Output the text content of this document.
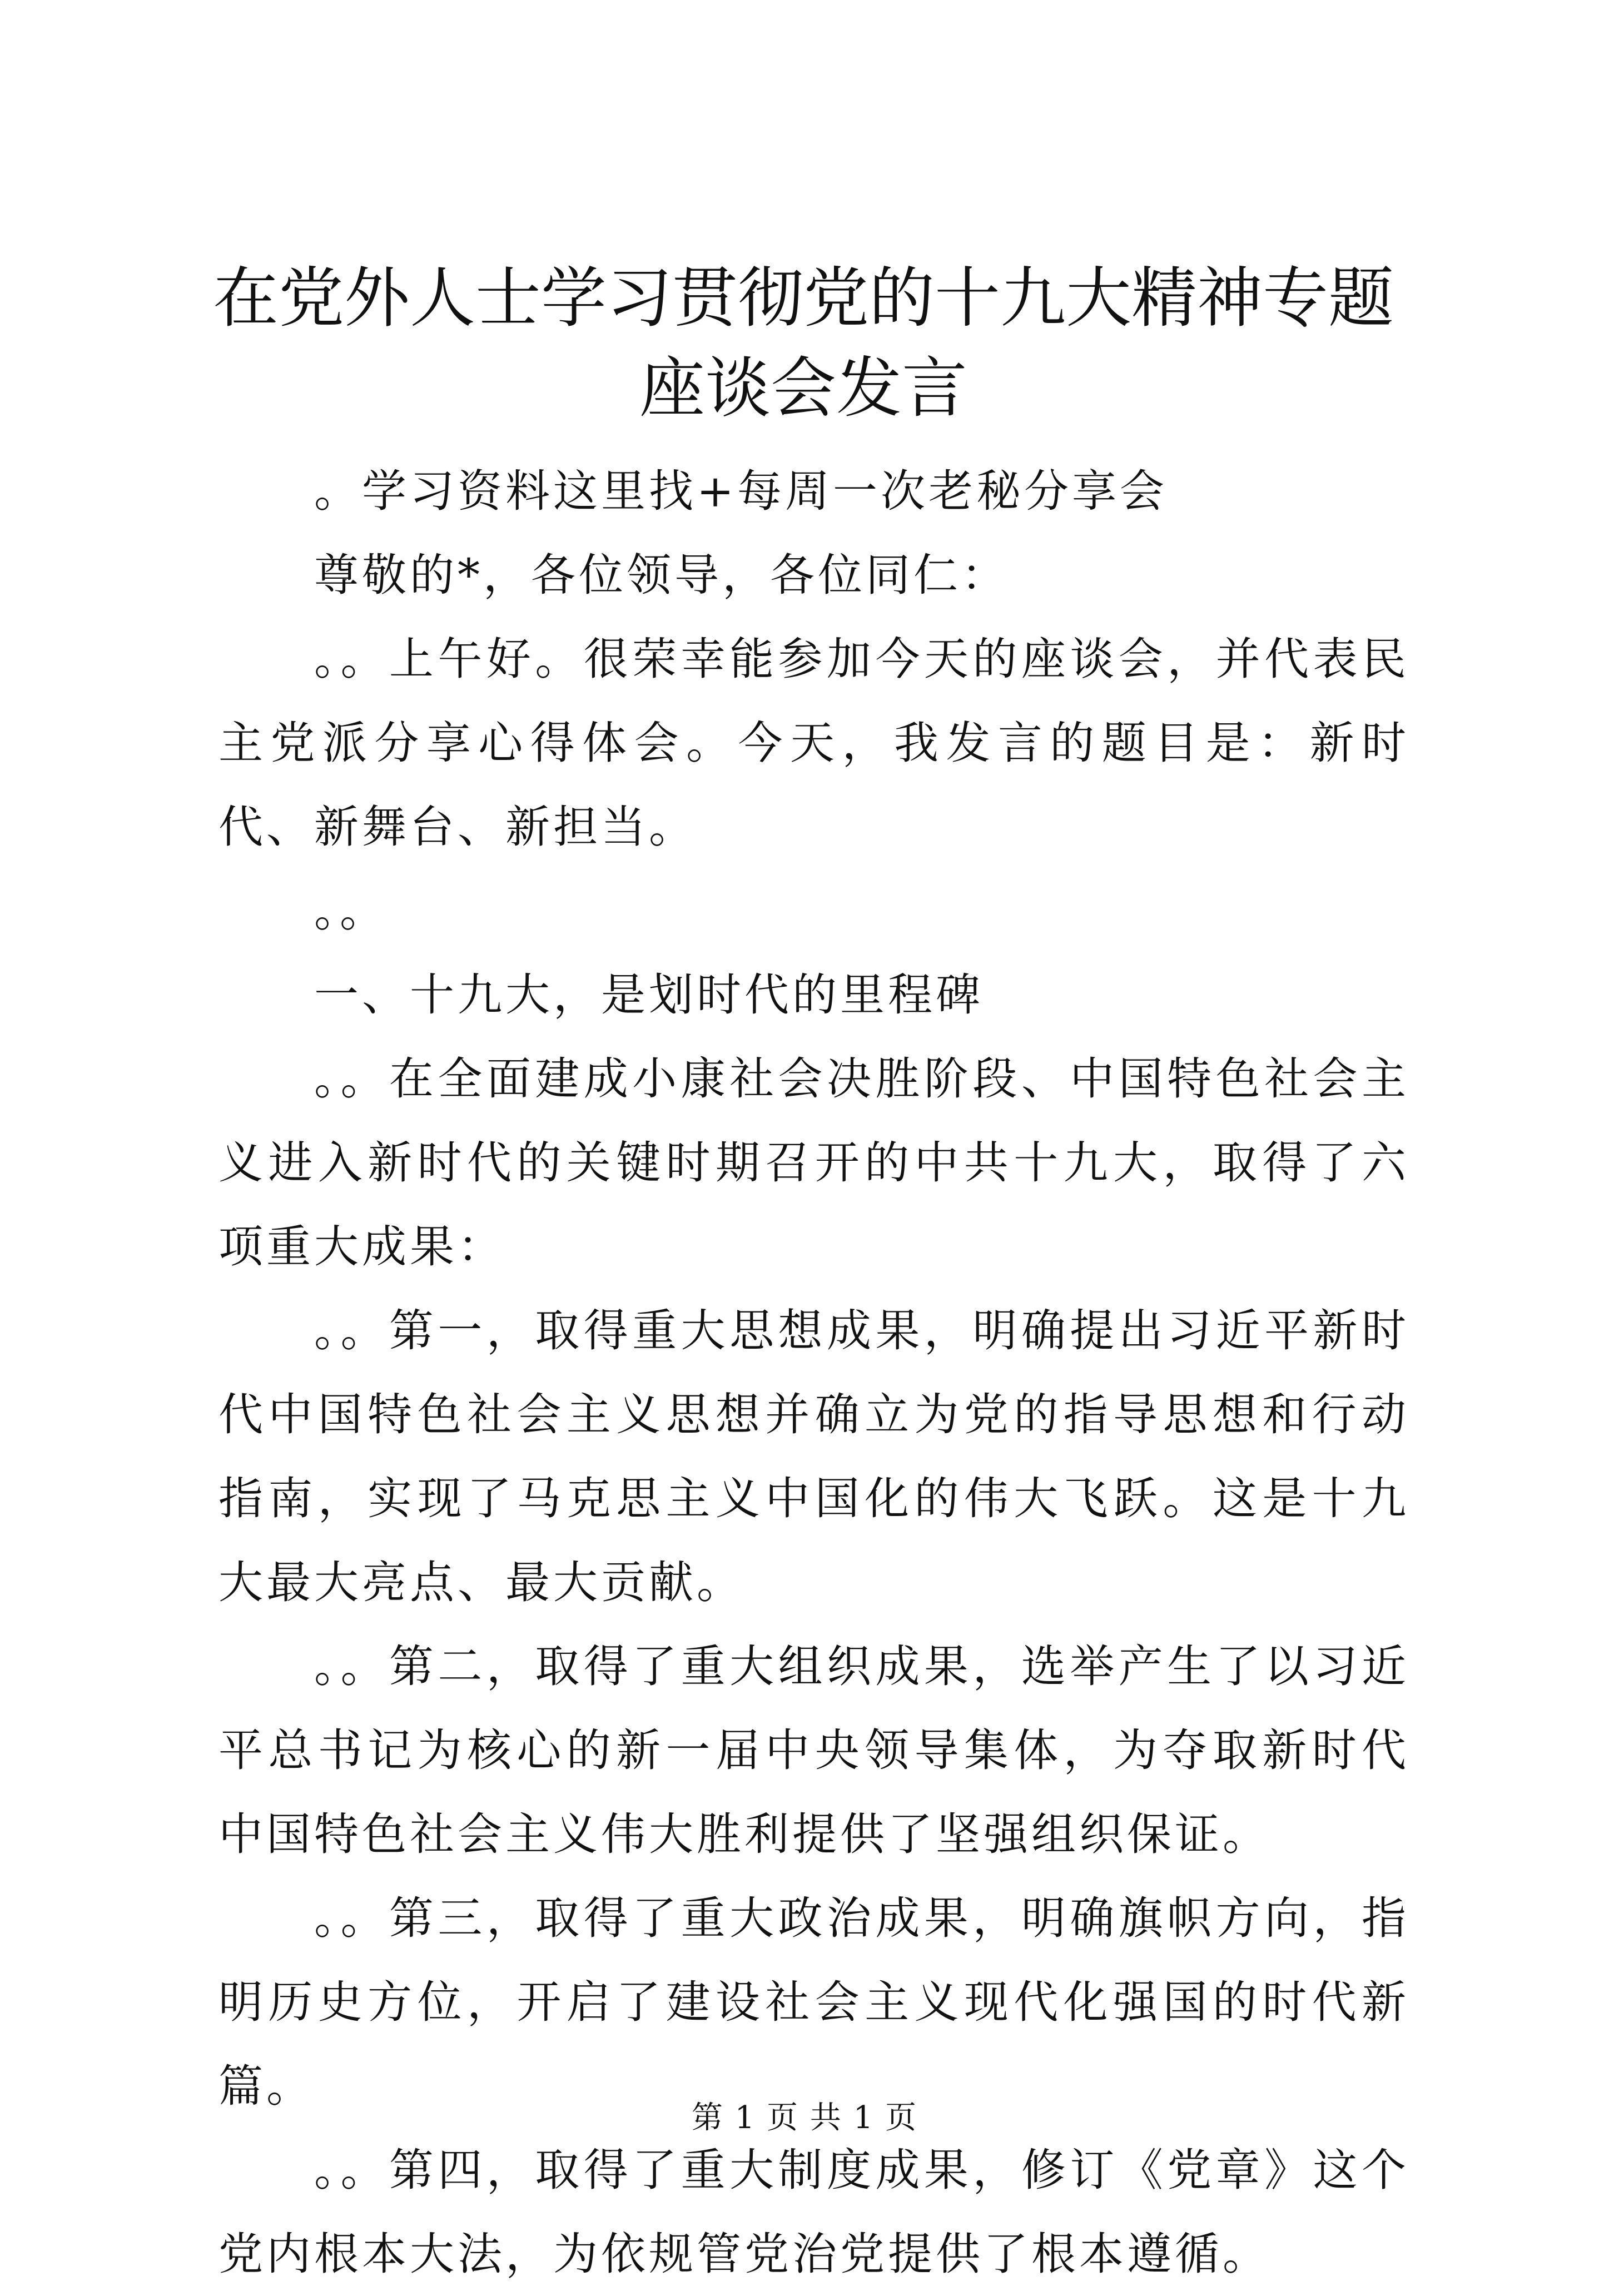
在党外人士学习贯彻党的十九大精神专题座谈会发言

。学习资料这里找+每周一次老秘分享会

尊敬的*，各位领导，各位同仁：

。。上午好。很荣幸能参加今天的座谈会，并代表民主党派分享心得体会。今天，我发言的题目是：新时代、新舞台、新担当。

。。

一、十九大，是划时代的里程碑

。。在全面建成小康社会决胜阶段、中国特色社会主义进入新时代的关键时期召开的中共十九大，取得了六项重大成果：

。。第一，取得重大思想成果，明确提出习近平新时代中国特色社会主义思想并确立为党的指导思想和行动指南，实现了马克思主义中国化的伟大飞跃。这是十九大最大亮点、最大贡献。

。。第二，取得了重大组织成果，选举产生了以习近平总书记为核心的新一届中央领导集体，为夺取新时代中国特色社会主义伟大胜利提供了坚强组织保证。

。。第三，取得了重大政治成果，明确旗帜方向，指明历史方位，开启了建设社会主义现代化强国的时代新篇。

。。第四，取得了重大制度成果，修订《党章》这个党内根本大法，为依规管党治党提供了根本遵循。

第 1 页 共 1 页
